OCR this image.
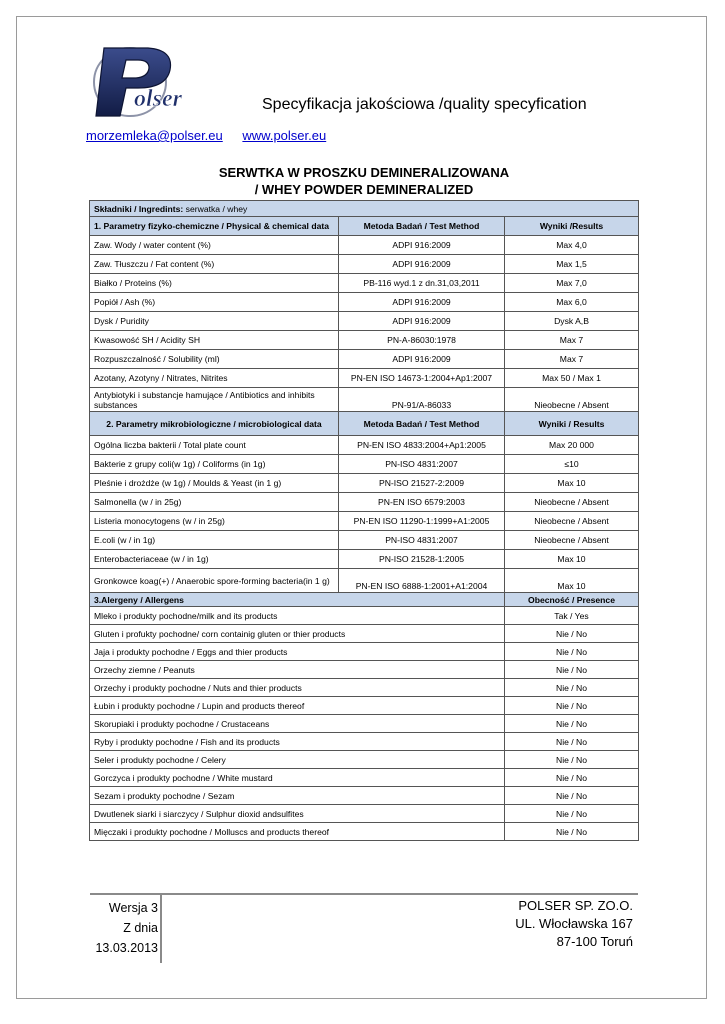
olser	Specyfikacja jakościowa /quality specyfication
morzemleka@polser.eu www.polser.eu
SERWTKA W PROSZKU DEMINERALIZOWANA
/ WHEY POWDER DEMINERALIZED
Składniki / Ingredints: serwatka / whey		
1. Parametry fizyko-chemiczne / Physical & chemical data	Metoda Badań / Test Method	Wyniki /Results
Zaw. Wody / water content (%)	ADPI 916:2009	Max 4,0
Zaw. Tłuszczu / Fat content (%)	ADPI 916:2009	Max 1,5
Białko / Proteins (%)	PB-116 wyd.1 z dn.31,03,2011	Max 7,0
Popiół / Ash (%)	ADPI 916:2009	Max 6,0
Dysk / Puridity	ADPI 916:2009	Dysk A,B
Kwasowość SH / Acidity SH	PN-A-86030:1978	Max 7
Rozpuszczalność / Solubility (ml)	ADPI 916:2009	Max 7
Azotany, Azotyny / Nitrates, Nitrites	PN-EN ISO 14673-1:2004+Ap1:2007	Max 50 / Max 1
Antybiotyki i substancje hamujące / Antibiotics and inhibits substances	PN-91/A-86033	Nieobecne / Absent
2. Parametry mikrobiologiczne / microbiological data	Metoda Badań / Test Method	Wyniki / Results
Ogólna liczba bakterii / Total plate count	PN-EN ISO 4833:2004+Ap1:2005	Max 20 000
Bakterie z grupy coli(w 1g) / Coliforms (in 1g)	PN-ISO 4831:2007	≤10
Pleśnie i drożdże (w 1g) / Moulds & Yeast (in 1 g)	PN-ISO 21527-2:2009	Max 10
Salmonella (w / in 25g)	PN-EN ISO 6579:2003	Nieobecne / Absent
Listeria monocytogens (w / in 25g)	PN-EN ISO 11290-1:1999+A1:2005	Nieobecne / Absent
E.coli (w / in 1g)	PN-ISO 4831:2007	Nieobecne / Absent
Enterobacteriaceae (w / in 1g)	PN-ISO 21528-1:2005	Max 10
Gronkowce koag(+) / Anaerobic spore-forming bacteria(in 1 g)	PN-EN ISO 6888-1:2001+A1:2004	Max 10
3.Alergeny / Allergens		Obecność / Presence
Mleko i produkty pochodne/milk and its products		Tak / Yes
Gluten i profukty pochodne/ corn containig gluten or thier products		Nie / No
Jaja i produkty pochodne / Eggs and thier products		Nie / No
Orzechy ziemne / Peanuts		Nie / No
Orzechy i produkty pochodne / Nuts and thier products		Nie / No
Łubin i produkty pochodne / Lupin and products thereof		Nie / No
Skorupiaki i produkty pochodne / Crustaceans		Nie / No
Ryby i produkty pochodne / Fish and its products		Nie / No
Seler i produkty pochodne / Celery		Nie / No
Gorczyca i produkty pochodne / White mustard		Nie / No
Sezam i produkty pochodne / Sezam		Nie / No
Dwutlenek siarki i siarczycy / Sulphur dioxid andsulfites		Nie / No
Mięczaki i produkty pochodne / Molluscs and products thereof		Nie / No
Wersja 3
Z dnia
13.03.2013
POLSER SP. ZO.O.
UL. Włocławska 167
87-100 Toruń
